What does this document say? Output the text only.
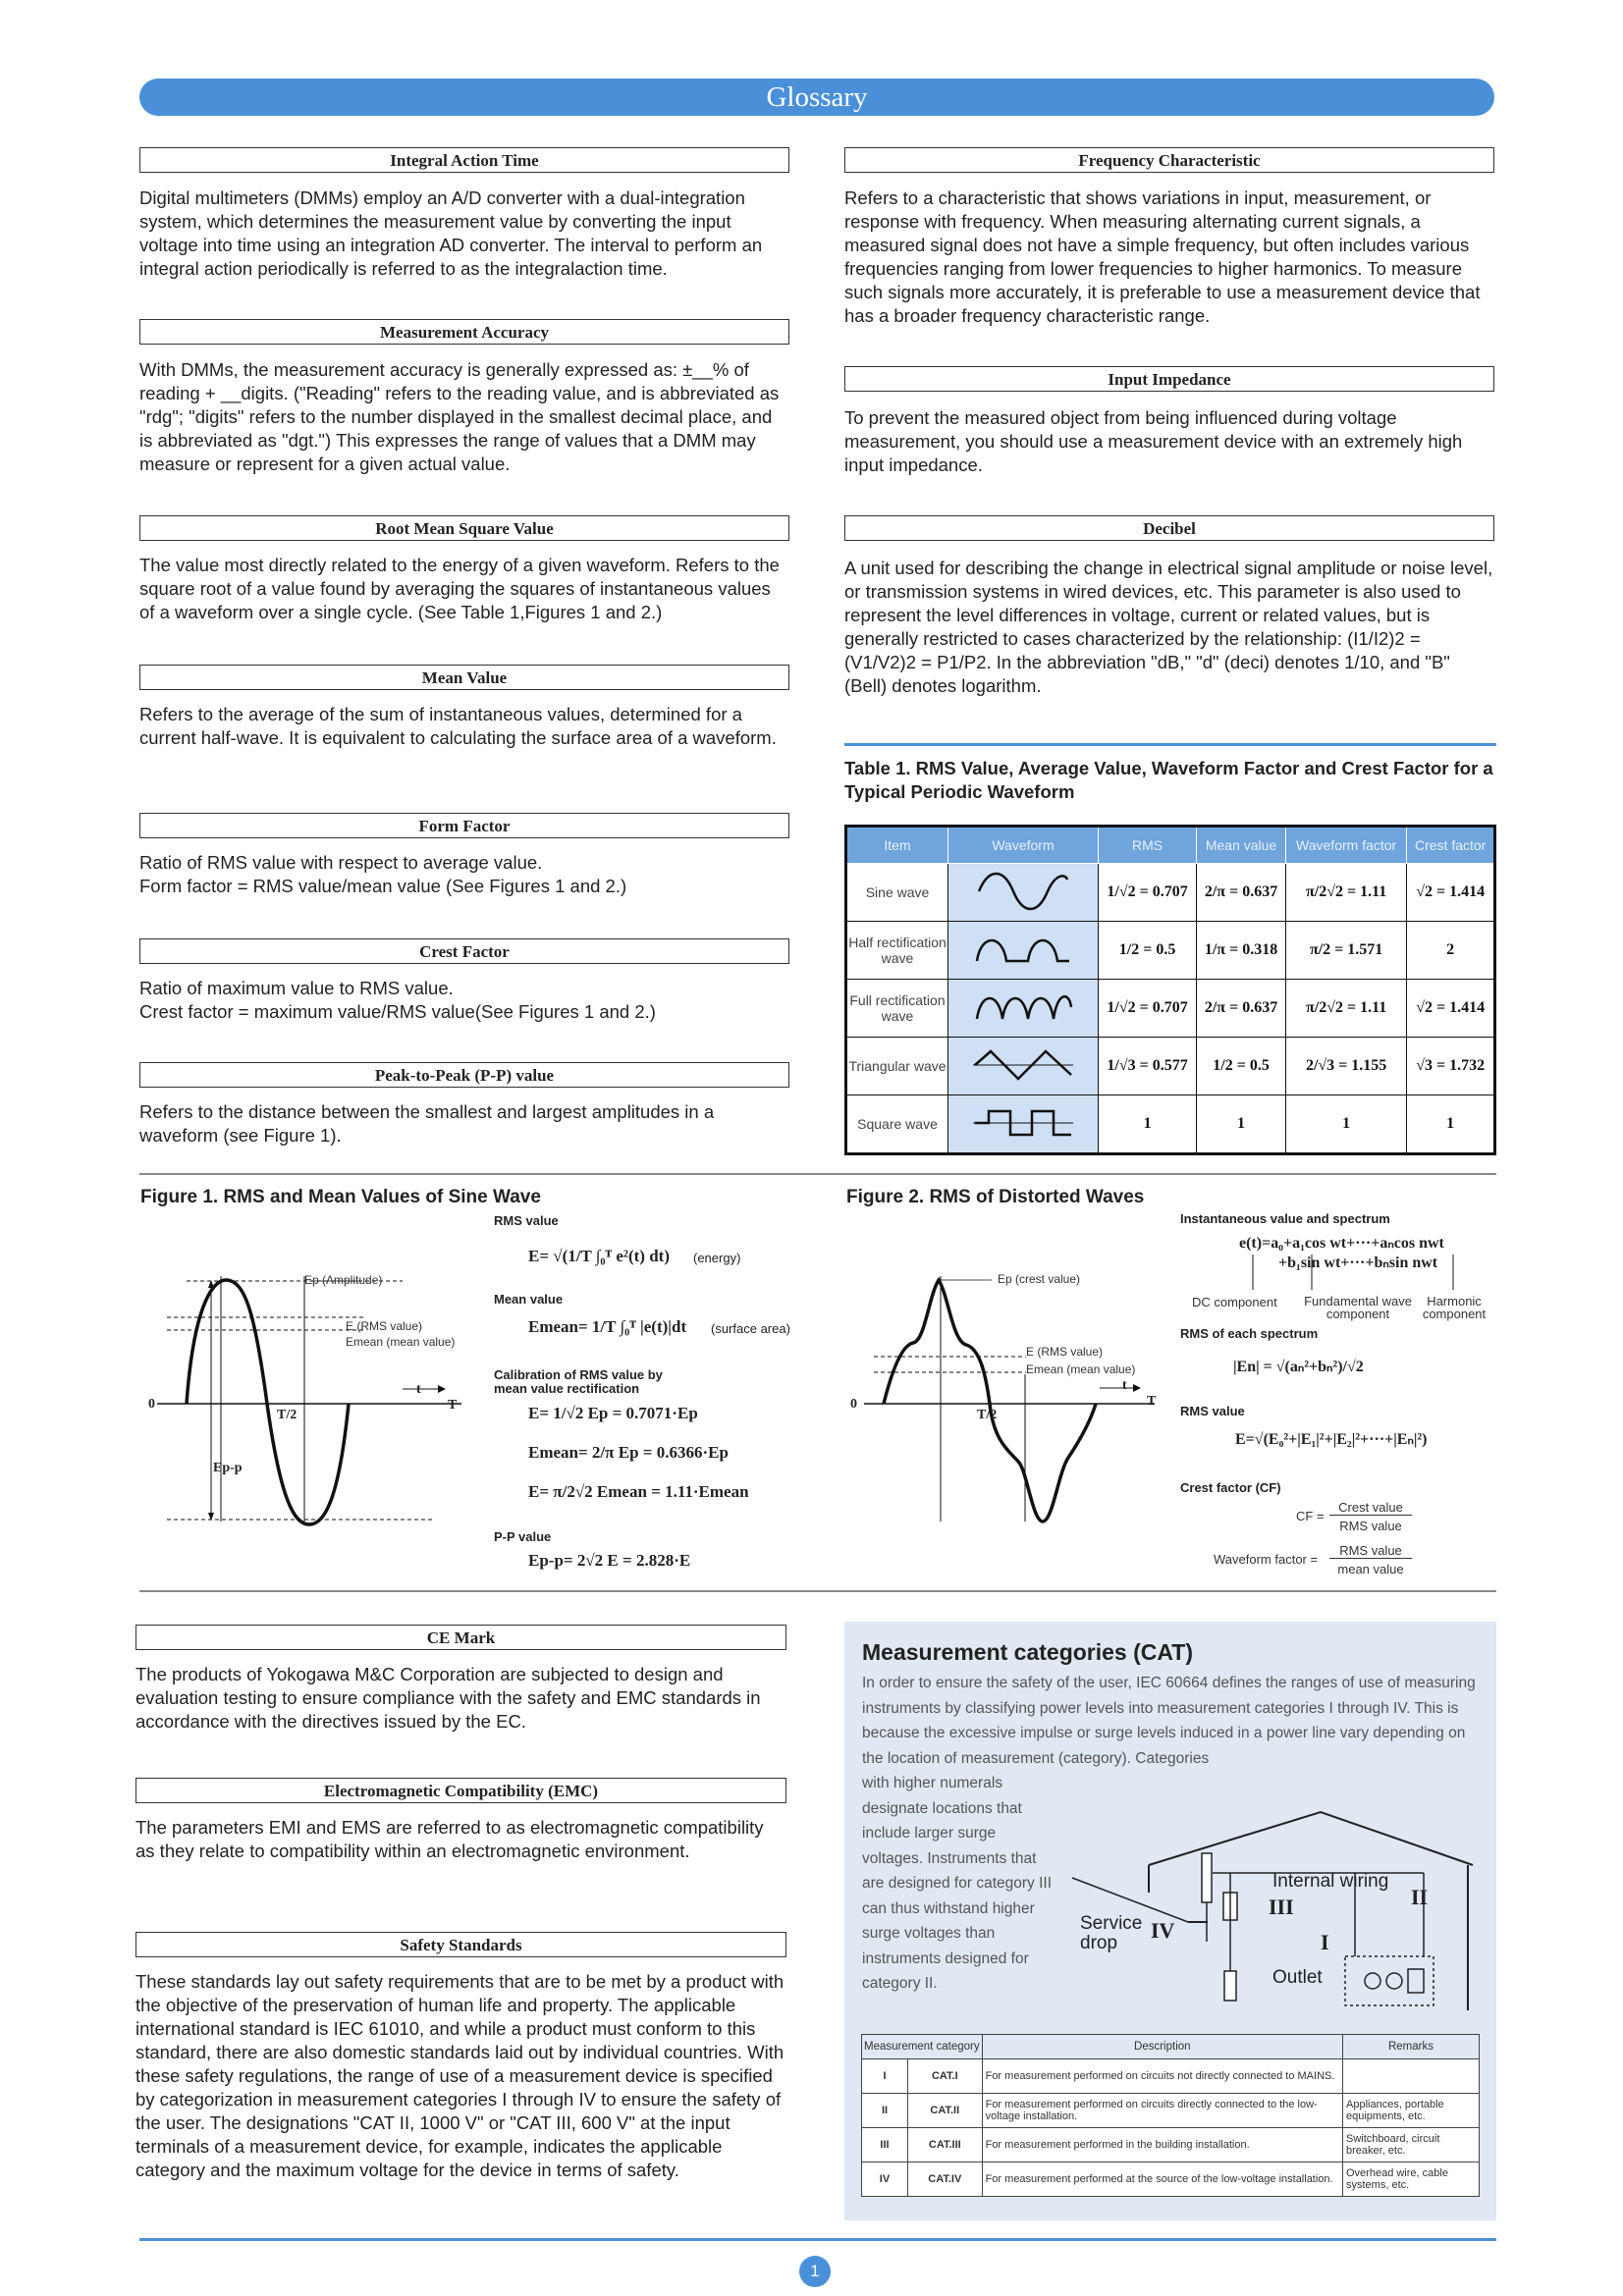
Glossary
Integral Action Time
Digital multimeters (DMMs) employ an A/D converter with a dual-integration system, which determines the measurement value by converting the input voltage into time using an integration AD converter. The interval to perform an integral action periodically is referred to as the integralaction time.
Measurement Accuracy
With DMMs, the measurement accuracy is generally expressed as: ±__% of reading + __digits. ("Reading" refers to the reading value, and is abbreviated as "rdg"; "digits" refers to the number displayed in the smallest decimal place, and is abbreviated as "dgt.") This expresses the range of values that a DMM may measure or represent for a given actual value.
Root Mean Square Value
The value most directly related to the energy of a given waveform. Refers to the square root of a value found by averaging the squares of instantaneous values of a waveform over a single cycle. (See Table 1,Figures 1 and 2.)
Mean Value
Refers to the average of the sum of instantaneous values, determined for a current half-wave. It is equivalent to calculating the surface area of a waveform.
Form Factor
Ratio of RMS value with respect to average value.
Form factor = RMS value/mean value (See Figures 1 and 2.)
Crest Factor
Ratio of maximum value to RMS value.
Crest factor = maximum value/RMS value(See Figures 1 and 2.)
Peak-to-Peak (P-P) value
Refers to the distance between the smallest and largest amplitudes in a waveform (see Figure 1).
Frequency Characteristic
Refers to a characteristic that shows variations in input, measurement, or response with frequency. When measuring alternating current signals, a measured signal does not have a simple frequency, but often includes various frequencies ranging from lower frequencies to higher harmonics. To measure such signals more accurately, it is preferable to use a measurement device that has a broader frequency characteristic range.
Input Impedance
To prevent the measured object from being influenced during voltage measurement, you should use a measurement device with an extremely high input impedance.
Decibel
A unit used for describing the change in electrical signal amplitude or noise level, or transmission systems in wired devices, etc. This parameter is also used to represent the level differences in voltage, current or related values, but is generally restricted to cases characterized by the relationship: (I1/I2)2 = (V1/V2)2 = P1/P2. In the abbreviation "dB," "d" (deci) denotes 1/10, and "B" (Bell) denotes logarithm.
Table 1. RMS Value, Average Value, Waveform Factor and Crest Factor for a Typical Periodic Waveform
Item	Waveform	RMS	Mean value	Waveform factor	Crest factor
Sine wave		1/√2 = 0.707	2/π = 0.637	π/2√2 = 1.11	√2 = 1.414
Half rectification wave		1/2 = 0.5	1/π = 0.318	π/2 = 1.571	2
Full rectification wave		1/√2 = 0.707	2/π = 0.637	π/2√2 = 1.11	√2 = 1.414
Triangular wave		1/√3 = 0.577	1/2 = 0.5	2/√3 = 1.155	√3 = 1.732
Square wave		1	1	1	1
Figure 1. RMS and Mean Values of Sine Wave	Figure 2. RMS of Distorted Waves
Ep (Amplitude)
E (RMS value)
Emean (mean value)
0
t
T
T/2
Ep-p
RMS value
E= √(1/T ∫₀ᵀ e²(t) dt) (energy)
Mean value
Emean= 1/T ∫₀ᵀ |e(t)|dt (surface area)
Calibration of RMS value by mean value rectification
E= 1/√2 Ep = 0.7071·Ep
Emean= 2/π Ep = 0.6366·Ep
E= π/2√2 Emean = 1.11·Emean
P-P value
Ep-p= 2√2 E = 2.828·E
Ep (crest value)
E (RMS value)
Emean (mean value)
0
t
T
T/2
Instantaneous value and spectrum
e(t)=a₀+a₁cos wt+···+aₙcos nwt
+b₁sin wt+···+bₙsin nwt
DC component	Fundamental wave component
Harmonic component
RMS of each spectrum
|En| = √(aₙ²+bₙ²)/√2
RMS value
E=√(E₀²+|E₁|²+|E₂|²+···+|Eₙ|²)
Crest factor (CF)
CF =
Crest value
RMS value
Waveform factor =
RMS value
mean value
CE Mark
The products of Yokogawa M&C Corporation are subjected to design and evaluation testing to ensure compliance with the safety and EMC standards in accordance with the directives issued by the EC.
Electromagnetic Compatibility (EMC)
The parameters EMI and EMS are referred to as electromagnetic compatibility as they relate to compatibility within an electromagnetic environment.
Safety Standards
These standards lay out safety requirements that are to be met by a product with the objective of the preservation of human life and property. The applicable international standard is IEC 61010, and while a product must conform to this standard, there are also domestic standards laid out by individual countries. With these safety regulations, the range of use of a measurement device is specified by categorization in measurement categories I through IV to ensure the safety of the user. The designations "CAT II, 1000 V" or "CAT III, 600 V" at the input terminals of a measurement device, for example, indicates the applicable category and the maximum voltage for the device in terms of safety.
Measurement categories (CAT)
In order to ensure the safety of the user, IEC 60664 defines the ranges of use of measuring instruments by classifying power levels into measurement categories I through IV. This is because the excessive impulse or surge levels induced in a power line vary depending on the location of measurement (category). Categories
with higher numerals designate locations that include larger surge voltages. Instruments that are designed for category III can thus withstand higher surge voltages than instruments designed for category II.
Internal wiring
Service drop
Outlet
I
II
III
IV
Measurement category		Description	Remarks
I	CAT.I	For measurement performed on circuits not directly connected to MAINS.	
II	CAT.II	For measurement performed on circuits directly connected to the low-voltage installation.	Appliances, portable equipments, etc.
III	CAT.III	For measurement performed in the building installation.	Switchboard, circuit breaker, etc.
IV	CAT.IV	For measurement performed at the source of the low-voltage installation.	Overhead wire, cable systems, etc.
1
